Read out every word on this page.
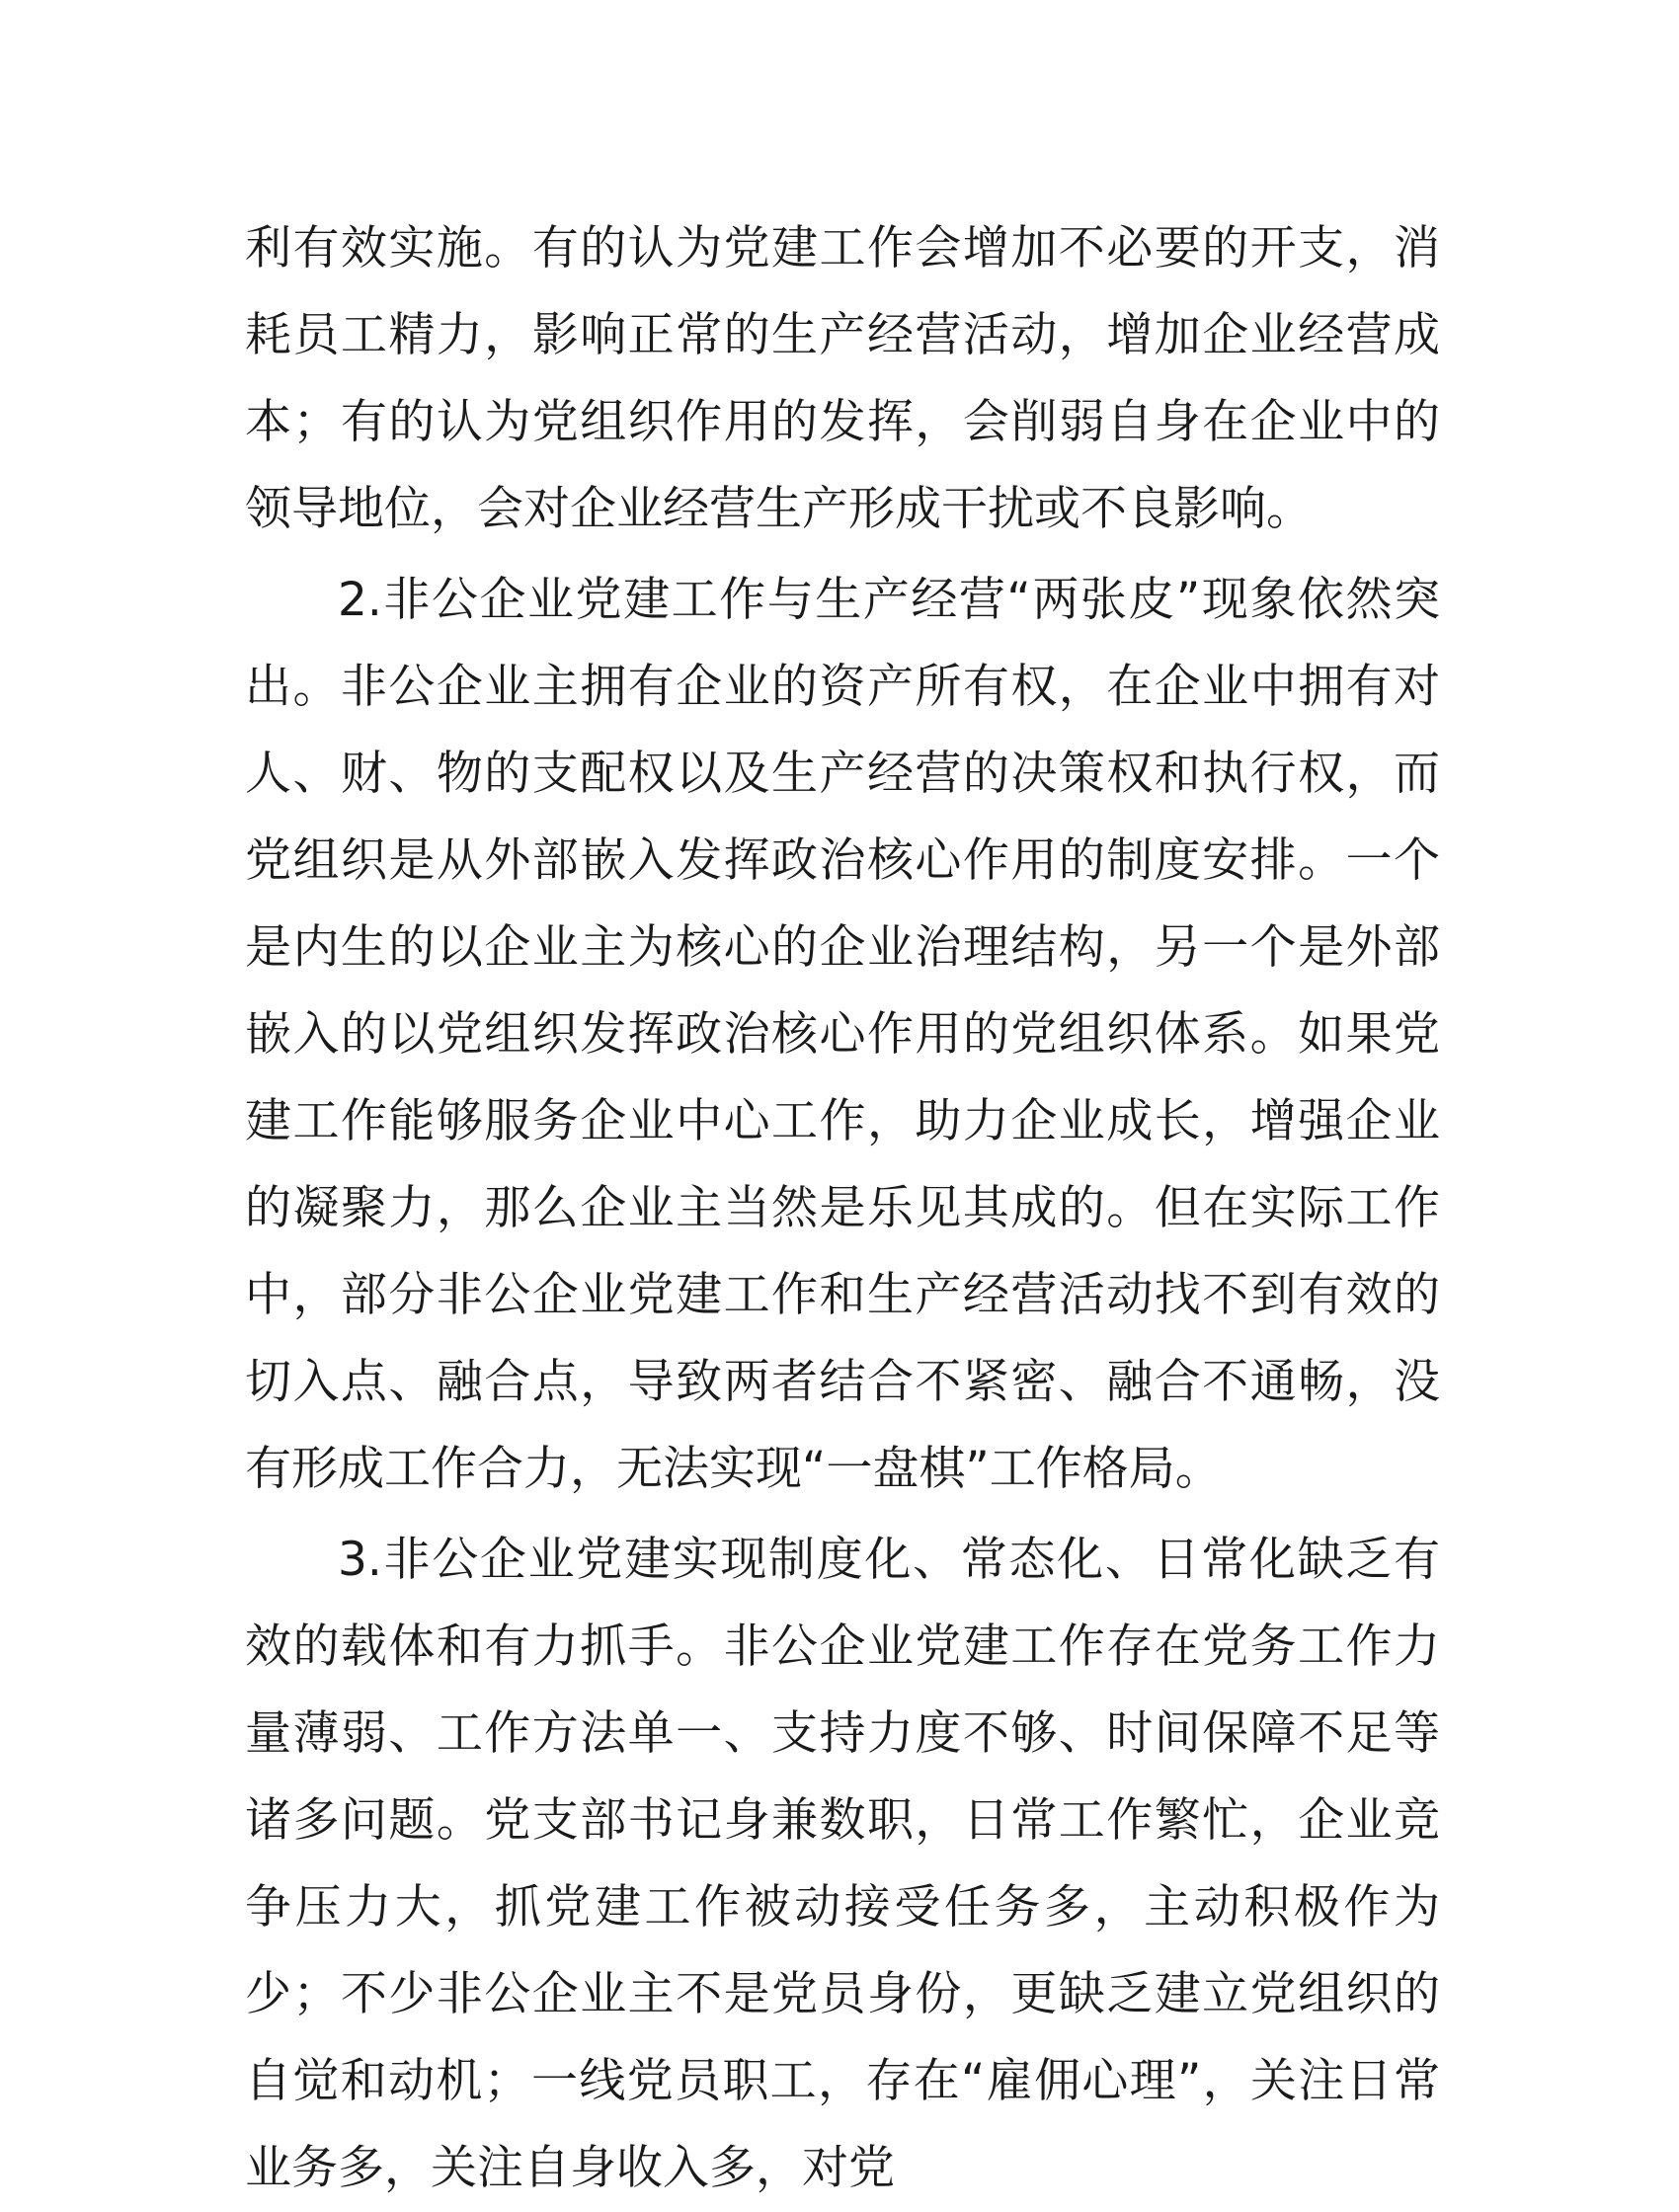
利有效实施。有的认为党建工作会增加不必要的开支，消耗员工精力，影响正常的生产经营活动，增加企业经营成本；有的认为党组织作用的发挥，会削弱自身在企业中的领导地位，会对企业经营生产形成干扰或不良影响。

2.非公企业党建工作与生产经营“两张皮”现象依然突出。非公企业主拥有企业的资产所有权，在企业中拥有对人、财、物的支配权以及生产经营的决策权和执行权，而党组织是从外部嵌入发挥政治核心作用的制度安排。一个是内生的以企业主为核心的企业治理结构，另一个是外部嵌入的以党组织发挥政治核心作用的党组织体系。如果党建工作能够服务企业中心工作，助力企业成长，增强企业的凝聚力，那么企业主当然是乐见其成的。但在实际工作中，部分非公企业党建工作和生产经营活动找不到有效的切入点、融合点，导致两者结合不紧密、融合不通畅，没有形成工作合力，无法实现“一盘棋”工作格局。

3.非公企业党建实现制度化、常态化、日常化缺乏有效的载体和有力抓手。非公企业党建工作存在党务工作力量薄弱、工作方法单一、支持力度不够、时间保障不足等诸多问题。党支部书记身兼数职，日常工作繁忙，企业竞争压力大，抓党建工作被动接受任务多，主动积极作为少；不少非公企业主不是党员身份，更缺乏建立党组织的自觉和动机；一线党员职工，存在“雇佣心理”，关注日常业务多，关注自身收入多，对党
